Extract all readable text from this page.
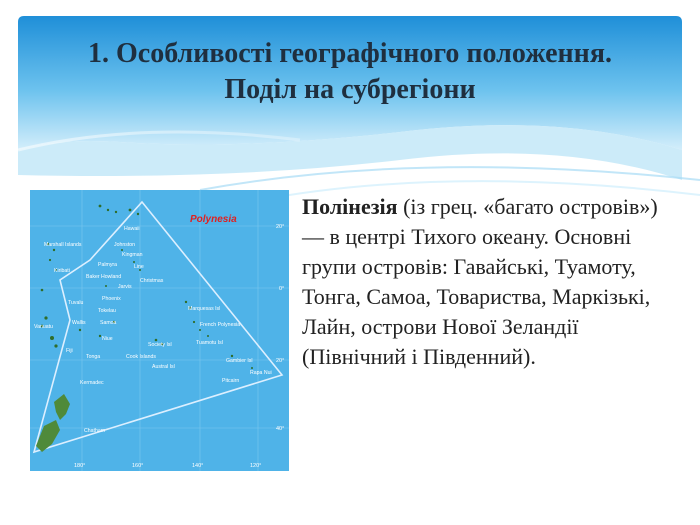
1. Особливості географічного положення. Поділ на субрегіони
Polynesia
Marshall Islands
Kiribati
Tuvalu
Vanuatu
Fiji
Hawaii
Johnston
Kingman
Palmyra	Line
Christmas
Baker Howland
Jarvis
Phoenix
Tokelau
Wallis	Samoa
Niue
Tonga	Cook Islands
Society Isl
Austral Isl
Marquesas Isl
French Polynesia
Tuamotu Isl
Gambier Isl
Pitcairn
Rapa Nui
Kermadec
Chatham
20°
0°
20°
40°
180°	160°	140°	120°

Полінезія (із грец. «багато островів») — в центрі Тихого океану. Основні групи островів: Гавайські, Туамоту, Тонга, Самоа, Товариства, Маркізькі, Лайн, острови Нової Зеландії (Північний і Південний).
